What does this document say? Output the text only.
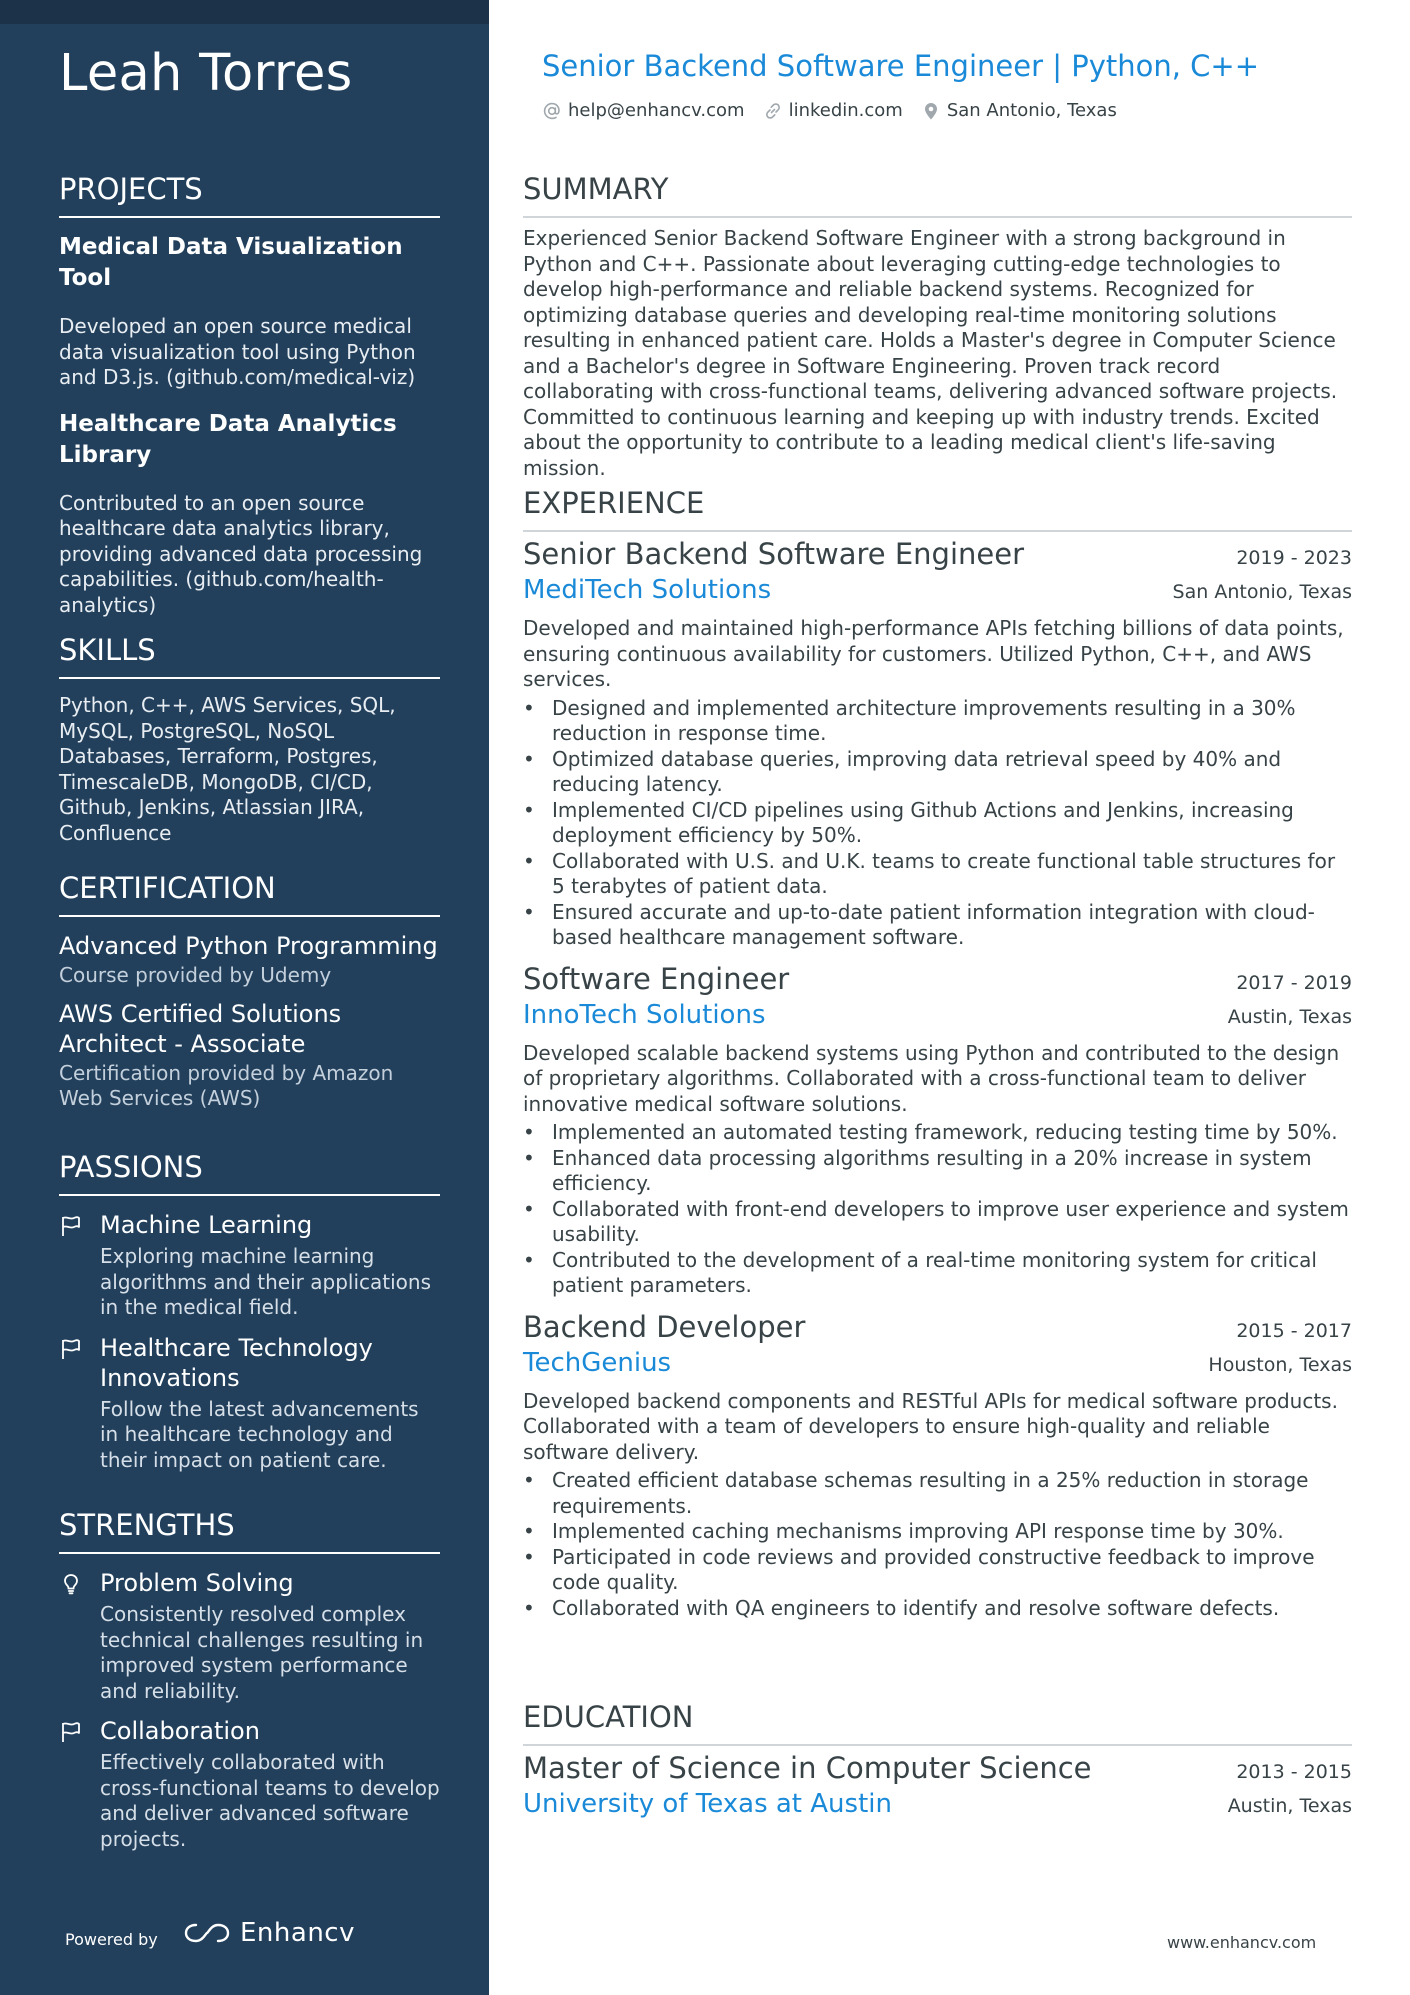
Leah Torres
PROJECTS
Medical Data Visualization Tool
Developed an open source medical data visualization tool using Python and D3.js. (github.com/medical-viz)
Healthcare Data Analytics Library
Contributed to an open source healthcare data analytics library, providing advanced data processing capabilities. (github.com/health-analytics)
SKILLS
Python, C++, AWS Services, SQL, MySQL, PostgreSQL, NoSQL Databases, Terraform, Postgres, TimescaleDB, MongoDB, CI/CD, Github, Jenkins, Atlassian JIRA, Confluence
CERTIFICATION
Advanced Python Programming
Course provided by Udemy
AWS Certified Solutions Architect - Associate
Certification provided by Amazon Web Services (AWS)
PASSIONS
Machine Learning
Exploring machine learning algorithms and their applications in the medical field.
Healthcare Technology Innovations
Follow the latest advancements in healthcare technology and their impact on patient care.
STRENGTHS
Problem Solving
Consistently resolved complex technical challenges resulting in improved system performance and reliability.
Collaboration
Effectively collaborated with cross-functional teams to develop and deliver advanced software projects.
Powered by	Enhancv
Senior Backend Software Engineer | Python, C++
help@enhancv.com linkedin.com San Antonio, Texas
SUMMARY
Experienced Senior Backend Software Engineer with a strong background in Python and C++. Passionate about leveraging cutting-edge technologies to develop high-performance and reliable backend systems. Recognized for optimizing database queries and developing real-time monitoring solutions resulting in enhanced patient care. Holds a Master's degree in Computer Science and a Bachelor's degree in Software Engineering. Proven track record collaborating with cross-functional teams, delivering advanced software projects. Committed to continuous learning and keeping up with industry trends. Excited about the opportunity to contribute to a leading medical client's life-saving mission.
EXPERIENCE
Senior Backend Software Engineer	2019 - 2023
MediTech Solutions	San Antonio, Texas
Developed and maintained high-performance APIs fetching billions of data points, ensuring continuous availability for customers. Utilized Python, C++, and AWS services.
• Designed and implemented architecture improvements resulting in a 30% reduction in response time.
• Optimized database queries, improving data retrieval speed by 40% and reducing latency.
• Implemented CI/CD pipelines using Github Actions and Jenkins, increasing deployment efficiency by 50%.
• Collaborated with U.S. and U.K. teams to create functional table structures for 5 terabytes of patient data.
• Ensured accurate and up-to-date patient information integration with cloud-based healthcare management software.
Software Engineer	2017 - 2019
InnoTech Solutions	Austin, Texas
Developed scalable backend systems using Python and contributed to the design of proprietary algorithms. Collaborated with a cross-functional team to deliver innovative medical software solutions.
• Implemented an automated testing framework, reducing testing time by 50%.
• Enhanced data processing algorithms resulting in a 20% increase in system efficiency.
• Collaborated with front-end developers to improve user experience and system usability.
• Contributed to the development of a real-time monitoring system for critical patient parameters.
Backend Developer	2015 - 2017
TechGenius	Houston, Texas
Developed backend components and RESTful APIs for medical software products. Collaborated with a team of developers to ensure high-quality and reliable software delivery.
• Created efficient database schemas resulting in a 25% reduction in storage requirements.
• Implemented caching mechanisms improving API response time by 30%.
• Participated in code reviews and provided constructive feedback to improve code quality.
• Collaborated with QA engineers to identify and resolve software defects.
EDUCATION
Master of Science in Computer Science	2013 - 2015
University of Texas at Austin	Austin, Texas
www.enhancv.com
